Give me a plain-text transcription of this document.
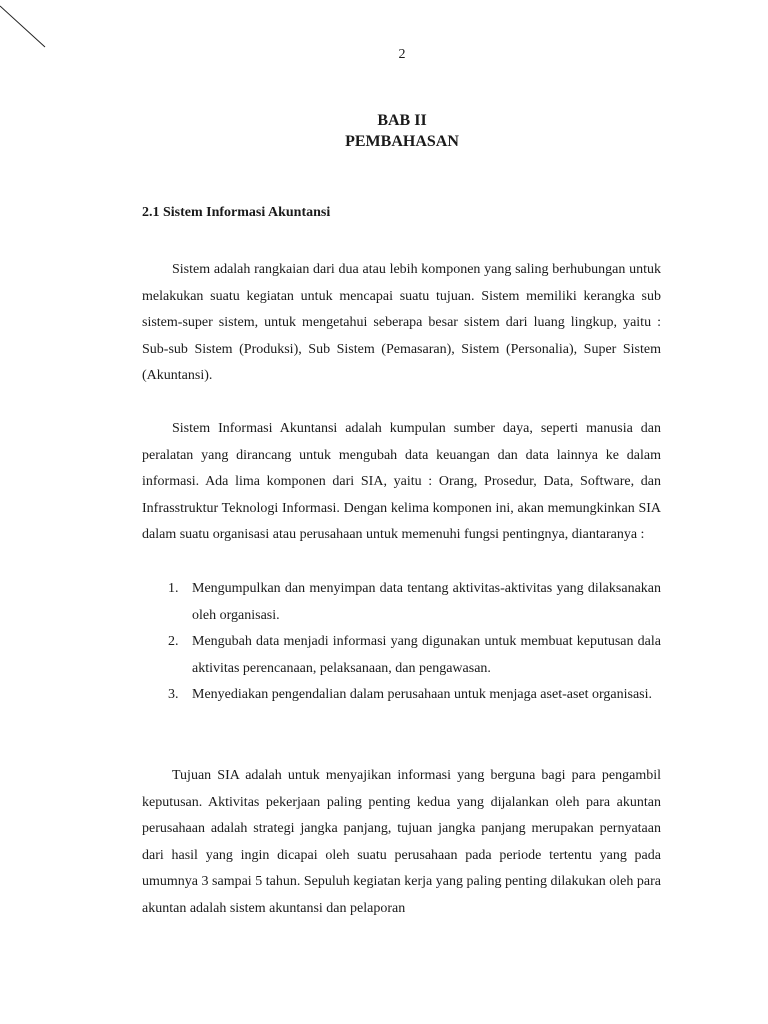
2
BAB II
PEMBAHASAN
2.1 Sistem Informasi Akuntansi

Sistem adalah rangkaian dari dua atau lebih komponen yang saling berhubungan untuk melakukan suatu kegiatan untuk mencapai suatu tujuan. Sistem memiliki kerangka sub sistem-super sistem, untuk mengetahui seberapa besar sistem dari luang lingkup, yaitu : Sub-sub Sistem (Produksi), Sub Sistem (Pemasaran), Sistem (Personalia), Super Sistem (Akuntansi).

Sistem Informasi Akuntansi adalah kumpulan sumber daya, seperti manusia dan peralatan yang dirancang untuk mengubah data keuangan dan data lainnya ke dalam informasi. Ada lima komponen dari SIA, yaitu : Orang, Prosedur, Data, Software, dan Infrasstruktur Teknologi Informasi. Dengan kelima komponen ini, akan memungkinkan SIA dalam suatu organisasi atau perusahaan untuk memenuhi fungsi pentingnya, diantaranya :

1. Mengumpulkan dan menyimpan data tentang aktivitas-aktivitas yang dilaksanakan oleh organisasi.
2. Mengubah data menjadi informasi yang digunakan untuk membuat keputusan dala aktivitas perencanaan, pelaksanaan, dan pengawasan.
3. Menyediakan pengendalian dalam perusahaan untuk menjaga aset-aset organisasi.

Tujuan SIA adalah untuk menyajikan informasi yang berguna bagi para pengambil keputusan. Aktivitas pekerjaan paling penting kedua yang dijalankan oleh para akuntan perusahaan adalah strategi jangka panjang, tujuan jangka panjang merupakan pernyataan dari hasil yang ingin dicapai oleh suatu perusahaan pada periode tertentu yang pada umumnya 3 sampai 5 tahun. Sepuluh kegiatan kerja yang paling penting dilakukan oleh para akuntan adalah sistem akuntansi dan pelaporan
